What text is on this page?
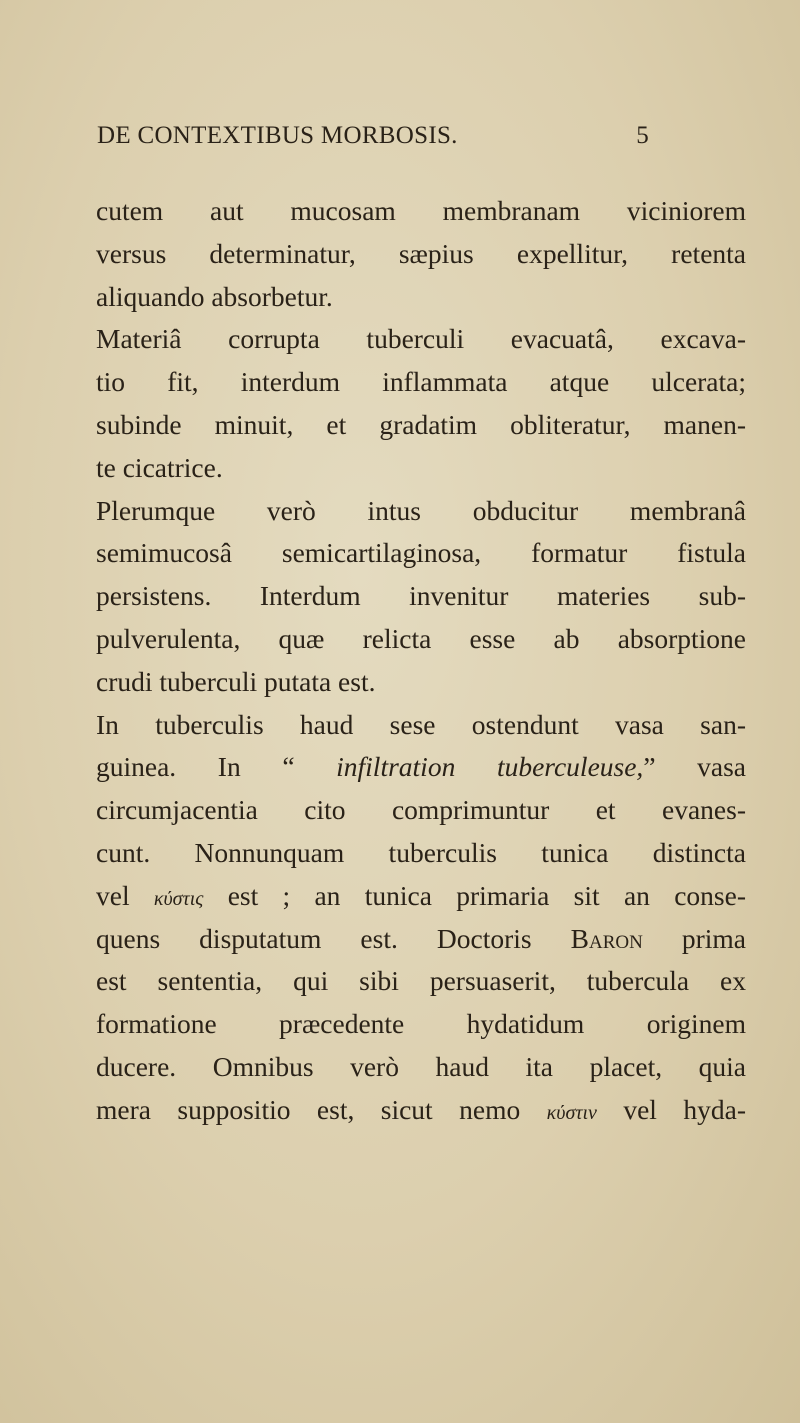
DE CONTEXTIBUS MORBOSIS.	5
cutem aut mucosam membranam viciniorem
versus determinatur, sæpius expellitur, retenta
aliquando absorbetur.
Materiâ corrupta tuberculi evacuatâ, excava-
tio fit, interdum inflammata atque ulcerata;
subinde minuit, et gradatim obliteratur, manen-
te cicatrice.
Plerumque verò intus obducitur membranâ
semimucosâ semicartilaginosa, formatur fistula
persistens. Interdum invenitur materies sub-
pulverulenta, quæ relicta esse ab absorptione
crudi tuberculi putata est.
In tuberculis haud sese ostendunt vasa san-
guinea. In “ infiltration tuberculeuse,” vasa
circumjacentia cito comprimuntur et evanes-
cunt. Nonnunquam tuberculis tunica distincta
vel κύστις est ; an tunica primaria sit an conse-
quens disputatum est. Doctoris Baron prima
est sententia, qui sibi persuaserit, tubercula ex
formatione præcedente hydatidum originem
ducere. Omnibus verò haud ita placet, quia
mera suppositio est, sicut nemo κύστιν vel hyda-
